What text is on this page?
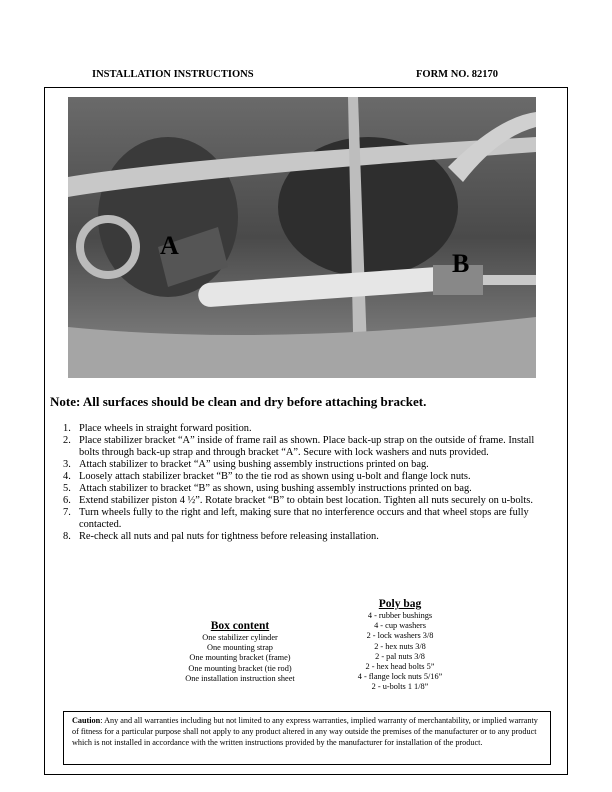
INSTALLATION INSTRUCTIONS	FORM NO. 82170
A
B
Note: All surfaces should be clean and dry before attaching bracket.
1. Place wheels in straight forward position.
2. Place stabilizer bracket “A” inside of frame rail as shown. Place back-up strap on the outside of frame. Install bolts through back-up strap and through bracket “A”. Secure with lock washers and nuts provided.
3. Attach stabilizer to bracket “A” using bushing assembly instructions printed on bag.
4. Loosely attach stabilizer bracket “B” to the tie rod as shown using u-bolt and flange lock nuts.
5. Attach stabilizer to bracket “B” as shown, using bushing assembly instructions printed on bag.
6. Extend stabilizer piston 4 ½”. Rotate bracket “B” to obtain best location. Tighten all nuts securely on u-bolts.
7. Turn wheels fully to the right and left, making sure that no interference occurs and that wheel stops are fully contacted.
8. Re-check all nuts and pal nuts for tightness before releasing installation.
Box content
One stabilizer cylinder
One mounting strap
One mounting bracket (frame)
One mounting bracket (tie rod)
One installation instruction sheet
Poly bag
4 - rubber bushings
4 - cup washers
2 - lock washers 3/8
2 - hex nuts 3/8
2 - pal nuts 3/8
2 - hex head bolts 5”
4 - flange lock nuts 5/16”
2 - u-bolts 1 1/8”
Caution: Any and all warranties including but not limited to any express warranties, implied warranty of merchantability, or implied warranty of fitness for a particular purpose shall not apply to any product altered in any way outside the premises of the manufacturer or to any product which is not installed in accordance with the written instructions provided by the manufacturer for installation of the product.
